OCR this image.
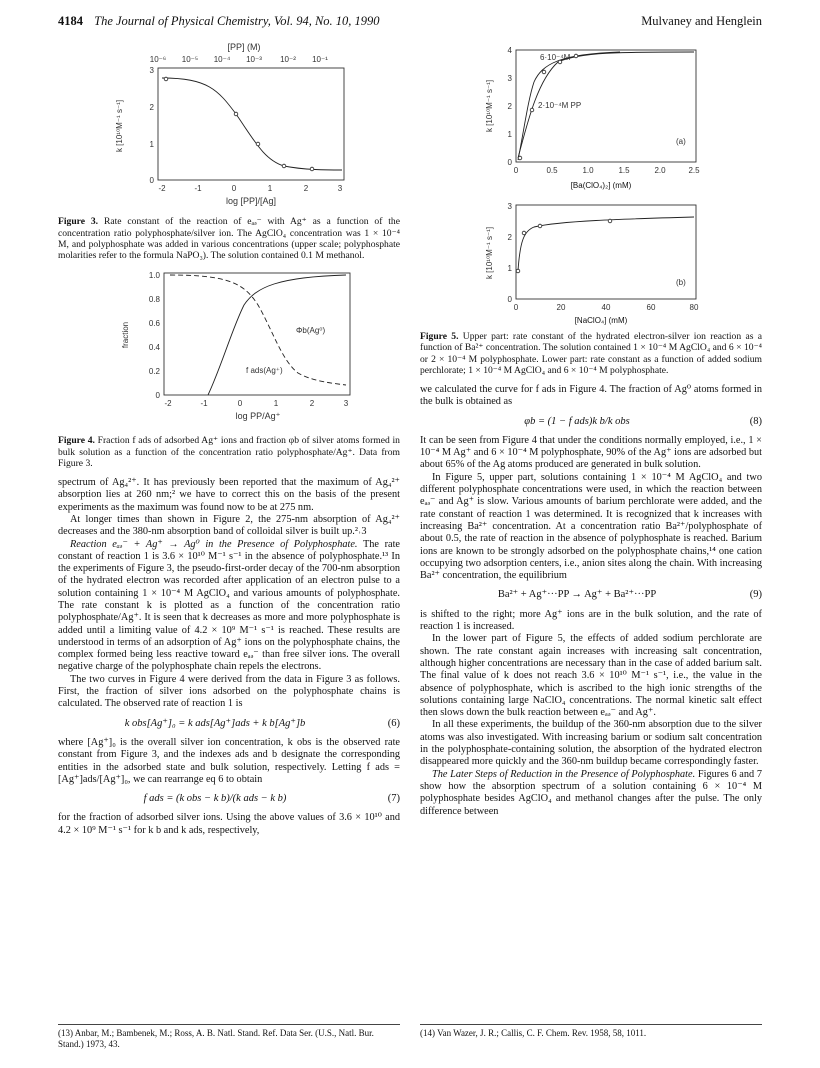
4184 The Journal of Physical Chemistry, Vol. 94, No. 10, 1990	Mulvaney and Henglein
[PP] (M)
10⁻⁶ 10⁻⁵ 10⁻⁴ 10⁻³ 10⁻² 10⁻¹
k [10¹⁰M⁻¹ s⁻¹]
0
1
2
3
-2	-1	0	1	2	3
log [PP]/[Ag]
Figure 3. Rate constant of the reaction of eₐₔ⁻ with Ag⁺ as a function of the concentration ratio polyphosphate/silver ion. The AgClO₄ concentration was 1 × 10⁻⁴ M, and polyphosphate was added in various concentrations (upper scale; polyphosphate molarities refer to the formula NaPO₃). The solution contained 0.1 M methanol.
fraction
0
0.2
0.4
0.6
0.8
1.0
-2	-1	0	1	2	3
log PP/Ag⁺
Φb(Ag⁰)
f ads(Ag⁺)
Figure 4. Fraction f ads of adsorbed Ag⁺ ions and fraction φb of silver atoms formed in bulk solution as a function of the concentration ratio polyphosphate/Ag⁺. Data from Figure 3.

spectrum of Ag₄²⁺. It has previously been reported that the maximum of Ag₄²⁺ absorption lies at 260 nm;² we have to correct this on the basis of the present experiments as the maximum was found now to be at 275 nm.

At longer times than shown in Figure 2, the 275-nm absorption of Ag₄²⁺ decreases and the 380-nm absorption band of colloidal silver is built up.²˒3

Reaction eₐₔ⁻ + Ag⁺ → Ag⁰ in the Presence of Polyphosphate. The rate constant of reaction 1 is 3.6 × 10¹⁰ M⁻¹ s⁻¹ in the absence of polyphosphate.¹³ In the experiments of Figure 3, the pseudo-first-order decay of the 700-nm absorption of the hydrated electron was recorded after application of an electron pulse to a solution containing 1 × 10⁻⁴ M AgClO₄ and various amounts of polyphosphate. The rate constant k is plotted as a function of the concentration ratio polyphosphate/Ag⁺. It is seen that k decreases as more and more polyphosphate is added until a limiting value of 4.2 × 10⁹ M⁻¹ s⁻¹ is reached. These results are understood in terms of an adsorption of Ag⁺ ions on the polyphosphate chains, the complex formed being less reactive toward eₐₔ⁻ than free silver ions. The overall negative charge of the polyphosphate chain repels the electrons.

The two curves in Figure 4 were derived from the data in Figure 3 as follows. First, the fraction of silver ions adsorbed on the polyphosphate chains is calculated. The observed rate of reaction 1 is

k obs[Ag⁺]₀ = k ads[Ag⁺]ads + k b[Ag⁺]b	(6)

where [Ag⁺]₀ is the overall silver ion concentration, k obs is the observed rate constant from Figure 3, and the indexes ads and b designate the corresponding entities in the adsorbed state and bulk solution, respectively. Letting f ads = [Ag⁺]ads/[Ag⁺]₀, we can rearrange eq 6 to obtain

f ads = (k obs − k b)/(k ads − k b)	(7)

for the fraction of adsorbed silver ions. Using the above values of 3.6 × 10¹⁰ and 4.2 × 10⁹ M⁻¹ s⁻¹ for k b and k ads, respectively,

k [10¹⁰M⁻¹ s⁻¹]
0
1
2
3
4
0	0.5	1.0	1.5	2.0	2.5
6·10⁻⁴M
2·10⁻⁴M PP
(a)
[Ba(ClO₄)₂] (mM)
k [10¹⁰M⁻¹ s⁻¹]
0
1
2
3
0	20	40	60	80
(b)
[NaClO₄] (mM)
Figure 5. Upper part: rate constant of the hydrated electron-silver ion reaction as a function of Ba²⁺ concentration. The solution contained 1 × 10⁻⁴ M AgClO₄ and 6 × 10⁻⁴ or 2 × 10⁻⁴ M polyphosphate. Lower part: rate constant as a function of added sodium perchlorate; 1 × 10⁻⁴ M AgClO₄ and 6 × 10⁻⁴ M polyphosphate.

we calculated the curve for f ads in Figure 4. The fraction of Ag⁰ atoms formed in the bulk is obtained as

φb = (1 − f ads)k b/k obs	(8)

It can be seen from Figure 4 that under the conditions normally employed, i.e., 1 × 10⁻⁴ M Ag⁺ and 6 × 10⁻⁴ M polyphosphate, 90% of the Ag⁺ ions are adsorbed but about 65% of the Ag atoms produced are generated in bulk solution.

In Figure 5, upper part, solutions containing 1 × 10⁻⁴ M AgClO₄ and two different polyphosphate concentrations were used, in which the reaction between eₐₔ⁻ and Ag⁺ is slow. Various amounts of barium perchlorate were added, and the rate constant of reaction 1 was determined. It is recognized that k increases with increasing Ba²⁺ concentration. At a concentration ratio Ba²⁺/polyphosphate of about 0.5, the rate of reaction in the absence of polyphosphate is reached. Barium ions are known to be strongly adsorbed on the polyphosphate chains,¹⁴ one cation occupying two adsorption centers, i.e., anion sites along the chain. With increasing Ba²⁺ concentration, the equilibrium

Ba²⁺ + Ag⁺···PP → Ag⁺ + Ba²⁺···PP	(9)

is shifted to the right; more Ag⁺ ions are in the bulk solution, and the rate of reaction 1 is increased.

In the lower part of Figure 5, the effects of added sodium perchlorate are shown. The rate constant again increases with increasing salt concentration, although higher concentrations are necessary than in the case of added barium salt. The final value of k does not reach 3.6 × 10¹⁰ M⁻¹ s⁻¹, i.e., the value in the absence of polyphosphate, which is ascribed to the high ionic strengths of the solutions containing large NaClO₄ concentrations. The normal kinetic salt effect then slows down the bulk reaction between eₐₔ⁻ and Ag⁺.

In all these experiments, the buildup of the 360-nm absorption due to the silver atoms was also investigated. With increasing barium or sodium salt concentration in the polyphosphate-containing solution, the absorption of the hydrated electron disappeared more quickly and the 360-nm buildup became correspondingly faster.

The Later Steps of Reduction in the Presence of Polyphosphate. Figures 6 and 7 show how the absorption spectrum of a solution containing 6 × 10⁻⁴ M polyphosphate besides AgClO₄ and methanol changes after the pulse. The only difference between

(13) Anbar, M.; Bambenek, M.; Ross, A. B. Natl. Stand. Ref. Data Ser. (U.S., Natl. Bur. Stand.) 1973, 43.
(14) Van Wazer, J. R.; Callis, C. F. Chem. Rev. 1958, 58, 1011.
